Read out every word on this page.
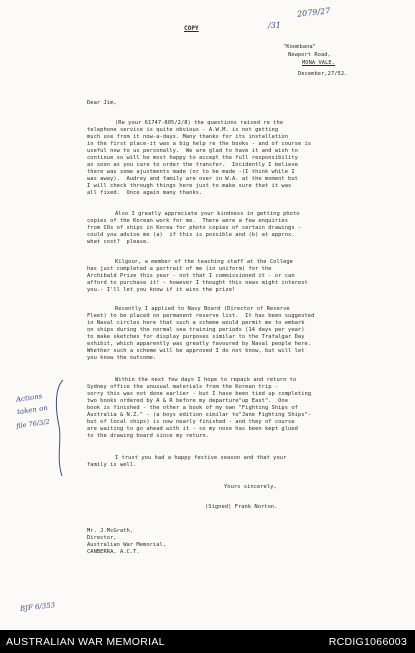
2079/27
/31
COPY
"Koombana"
Newport Road,
MONA VALE.
December,27/52.
Dear Jim,
(Re your 61747-805/2/8) the questions raised re the
telephone service is quite obvious - A.W.M. is not getting
much use from it now-a-days. Many thanks for its installation
in the first place-it was a big help re the books - and of course is
useful now to us personally.  We are glad to have it and wish to
continue so will be most happy to accept the full responsibility
as soon as you care to order the transfer.  Incidently I believe
there was some ajustments made (or to be made -(I think while I
was away).  Audrey and family are over in W.A. at the moment but
I will check through things here just to make sure that it was
all fixed.  Once again many thanks.
Also I greatly appreciate your kindness in getting photo
copies of the Korean work for me.  There were a few enquiries
from COs of ships in Korea for photo copies of certain drawings -
could you advise me (a)  if this is possible and (b) at approx.
what cost?  please.
Kilgour, a member of the teaching staff at the College
has just completed a portrait of me (in uniform) for the
Archibald Prize this year - not that I commissioned it - or can
afford to purchase it! - however I thought this news might interest
you.- I'll let you know if it wins the prize!
Recently I applied to Navy Board (Director of Reserve
Fleet) to be placed on permanent reserve list.  It has been suggested
in Naval circles here that such a scheme would permit me to embark
on ships during the normal sea training periods (14 days per year)
to make sketches for display purposes similar to the Trafalgar Day
exhibit, which apparently was greatly favoured by Naval people here.
Whether such a scheme will be approved I do not know, but will let
you know the outcome.
Within the next few days I hope to repack and return to
Sydney office the unusual materials from the Korean trip -
sorry this was not done earlier - but I have been tied up completing
two books ordered by A & R before my departure"up East".  One
book is finished - the other a book of my own "Fighting Ships of
Australia & N.Z." - (a boys edition similar to"Jane Fighting Ships"-
but of local ships) is now nearly finished - and they of course
are waiting to go ahead with it - so my nose has been kept glued
to the drawing board since my return.
I trust you had a happy festive season and that your
family is well.
Yours sincerely,
(Signed) Frank Norton.
Mr. J.McGrath,
Director,
Australian War Memorial,
CANBERRA, A.C.T.
Actions
taken on
file 76/3/2
BJF 6/353
AUSTRALIAN WAR MEMORIAL	RCDIG1066003
